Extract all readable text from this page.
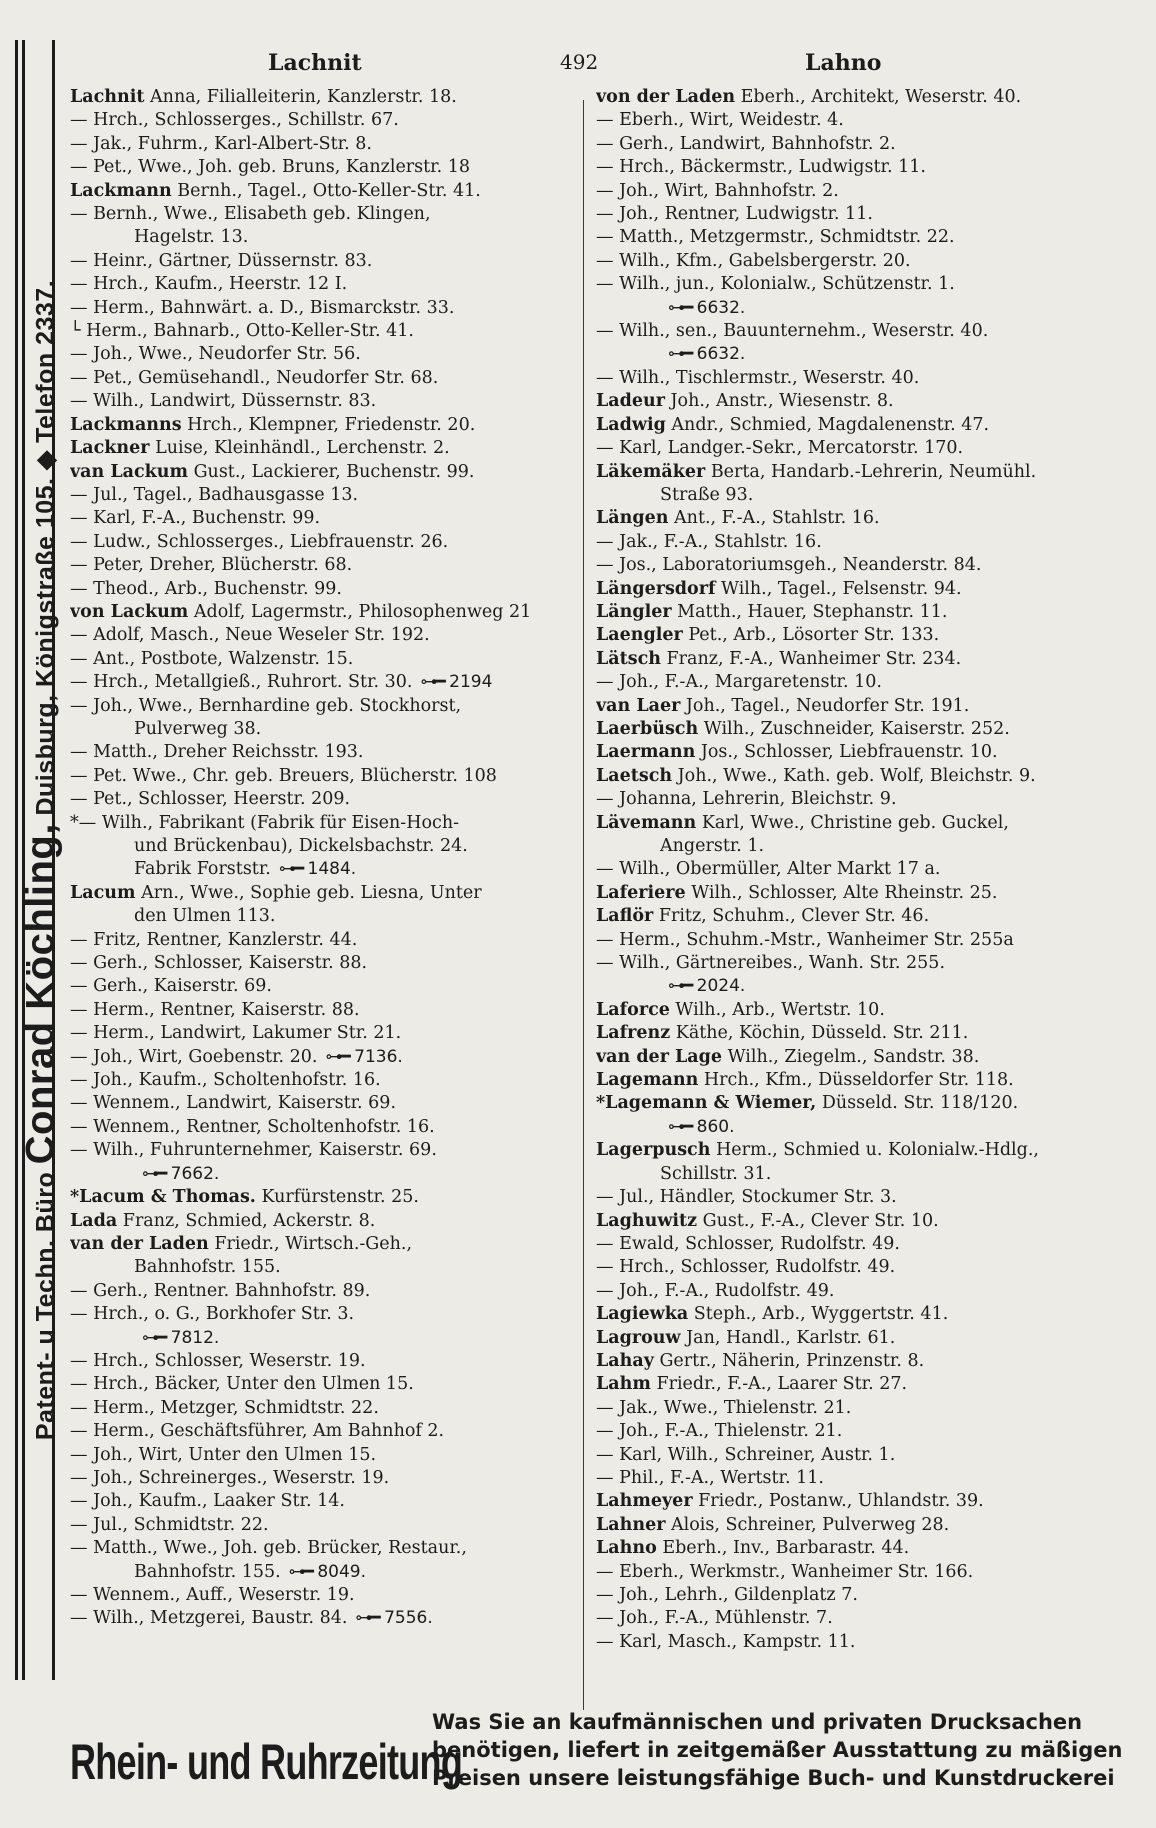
Patent- u Techn. Büro Conrad Köchling, Duisburg, Königstraße 105. ◆ Telefon 2337.
Lachnit	492	Lahno
Lachnit Anna, Filialleiterin, Kanzlerstr. 18.
— Hrch., Schlosserges., Schillstr. 67.
— Jak., Fuhrm., Karl-Albert-Str. 8.
— Pet., Wwe., Joh. geb. Bruns, Kanzlerstr. 18
Lackmann Bernh., Tagel., Otto-Keller-Str. 41.
— Bernh., Wwe., Elisabeth geb. Klingen,
Hagelstr. 13.
— Heinr., Gärtner, Düssernstr. 83.
— Hrch., Kaufm., Heerstr. 12 I.
— Herm., Bahnwärt. a. D., Bismarckstr. 33.
└ Herm., Bahnarb., Otto-Keller-Str. 41.
— Joh., Wwe., Neudorfer Str. 56.
— Pet., Gemüsehandl., Neudorfer Str. 68.
— Wilh., Landwirt, Düssernstr. 83.
Lackmanns Hrch., Klempner, Friedenstr. 20.
Lackner Luise, Kleinhändl., Lerchenstr. 2.
van Lackum Gust., Lackierer, Buchenstr. 99.
— Jul., Tagel., Badhausgasse 13.
— Karl, F.-A., Buchenstr. 99.
— Ludw., Schlosserges., Liebfrauenstr. 26.
— Peter, Dreher, Blücherstr. 68.
— Theod., Arb., Buchenstr. 99.
von Lackum Adolf, Lagermstr., Philosophenweg 21
— Adolf, Masch., Neue Weseler Str. 192.
— Ant., Postbote, Walzenstr. 15.
— Hrch., Metallgieß., Ruhrort. Str. 30. ⊶━ 2194
— Joh., Wwe., Bernhardine geb. Stockhorst,
Pulverweg 38.
— Matth., Dreher Reichsstr. 193.
— Pet. Wwe., Chr. geb. Breuers, Blücherstr. 108
— Pet., Schlosser, Heerstr. 209.
*— Wilh., Fabrikant (Fabrik für Eisen-Hoch-
und Brückenbau), Dickelsbachstr. 24.
Fabrik Forststr. ⊶━ 1484.
Lacum Arn., Wwe., Sophie geb. Liesna, Unter
den Ulmen 113.
— Fritz, Rentner, Kanzlerstr. 44.
— Gerh., Schlosser, Kaiserstr. 88.
— Gerh., Kaiserstr. 69.
— Herm., Rentner, Kaiserstr. 88.
— Herm., Landwirt, Lakumer Str. 21.
— Joh., Wirt, Goebenstr. 20. ⊶━ 7136.
— Joh., Kaufm., Scholtenhofstr. 16.
— Wennem., Landwirt, Kaiserstr. 69.
— Wennem., Rentner, Scholtenhofstr. 16.
— Wilh., Fuhrunternehmer, Kaiserstr. 69.
⊶━ 7662.
*Lacum & Thomas. Kurfürstenstr. 25.
Lada Franz, Schmied, Ackerstr. 8.
van der Laden Friedr., Wirtsch.-Geh.,
Bahnhofstr. 155.
— Gerh., Rentner. Bahnhofstr. 89.
— Hrch., o. G., Borkhofer Str. 3.
⊶━ 7812.
— Hrch., Schlosser, Weserstr. 19.
— Hrch., Bäcker, Unter den Ulmen 15.
— Herm., Metzger, Schmidtstr. 22.
— Herm., Geschäftsführer, Am Bahnhof 2.
— Joh., Wirt, Unter den Ulmen 15.
— Joh., Schreinerges., Weserstr. 19.
— Joh., Kaufm., Laaker Str. 14.
— Jul., Schmidtstr. 22.
— Matth., Wwe., Joh. geb. Brücker, Restaur.,
Bahnhofstr. 155. ⊶━ 8049.
— Wennem., Auff., Weserstr. 19.
— Wilh., Metzgerei, Baustr. 84. ⊶━ 7556.
von der Laden Eberh., Architekt, Weserstr. 40.
— Eberh., Wirt, Weidestr. 4.
— Gerh., Landwirt, Bahnhofstr. 2.
— Hrch., Bäckermstr., Ludwigstr. 11.
— Joh., Wirt, Bahnhofstr. 2.
— Joh., Rentner, Ludwigstr. 11.
— Matth., Metzgermstr., Schmidtstr. 22.
— Wilh., Kfm., Gabelsbergerstr. 20.
— Wilh., jun., Kolonialw., Schützenstr. 1.
⊶━ 6632.
— Wilh., sen., Bauunternehm., Weserstr. 40.
⊶━ 6632.
— Wilh., Tischlermstr., Weserstr. 40.
Ladeur Joh., Anstr., Wiesenstr. 8.
Ladwig Andr., Schmied, Magdalenenstr. 47.
— Karl, Landger.-Sekr., Mercatorstr. 170.
Läkemäker Berta, Handarb.-Lehrerin, Neumühl.
Straße 93.
Längen Ant., F.-A., Stahlstr. 16.
— Jak., F.-A., Stahlstr. 16.
— Jos., Laboratoriumsgeh., Neanderstr. 84.
Längersdorf Wilh., Tagel., Felsenstr. 94.
Längler Matth., Hauer, Stephanstr. 11.
Laengler Pet., Arb., Lösorter Str. 133.
Lätsch Franz, F.-A., Wanheimer Str. 234.
— Joh., F.-A., Margaretenstr. 10.
van Laer Joh., Tagel., Neudorfer Str. 191.
Laerbüsch Wilh., Zuschneider, Kaiserstr. 252.
Laermann Jos., Schlosser, Liebfrauenstr. 10.
Laetsch Joh., Wwe., Kath. geb. Wolf, Bleichstr. 9.
— Johanna, Lehrerin, Bleichstr. 9.
Lävemann Karl, Wwe., Christine geb. Guckel,
Angerstr. 1.
— Wilh., Obermüller, Alter Markt 17 a.
Laferiere Wilh., Schlosser, Alte Rheinstr. 25.
Laflör Fritz, Schuhm., Clever Str. 46.
— Herm., Schuhm.-Mstr., Wanheimer Str. 255a
— Wilh., Gärtnereibes., Wanh. Str. 255.
⊶━ 2024.
Laforce Wilh., Arb., Wertstr. 10.
Lafrenz Käthe, Köchin, Düsseld. Str. 211.
van der Lage Wilh., Ziegelm., Sandstr. 38.
Lagemann Hrch., Kfm., Düsseldorfer Str. 118.
*Lagemann & Wiemer, Düsseld. Str. 118/120.
⊶━ 860.
Lagerpusch Herm., Schmied u. Kolonialw.-Hdlg.,
Schillstr. 31.
— Jul., Händler, Stockumer Str. 3.
Laghuwitz Gust., F.-A., Clever Str. 10.
— Ewald, Schlosser, Rudolfstr. 49.
— Hrch., Schlosser, Rudolfstr. 49.
— Joh., F.-A., Rudolfstr. 49.
Lagiewka Steph., Arb., Wyggertstr. 41.
Lagrouw Jan, Handl., Karlstr. 61.
Lahay Gertr., Näherin, Prinzenstr. 8.
Lahm Friedr., F.-A., Laarer Str. 27.
— Jak., Wwe., Thielenstr. 21.
— Joh., F.-A., Thielenstr. 21.
— Karl, Wilh., Schreiner, Austr. 1.
— Phil., F.-A., Wertstr. 11.
Lahmeyer Friedr., Postanw., Uhlandstr. 39.
Lahner Alois, Schreiner, Pulverweg 28.
Lahno Eberh., Inv., Barbarastr. 44.
— Eberh., Werkmstr., Wanheimer Str. 166.
— Joh., Lehrh., Gildenplatz 7.
— Joh., F.-A., Mühlenstr. 7.
— Karl, Masch., Kampstr. 11.
Rhein- und Ruhrzeitung
Was Sie an kaufmännischen und privaten Drucksachen
benötigen, liefert in zeitgemäßer Ausstattung zu mäßigen
Preisen unsere leistungsfähige Buch- und Kunstdruckerei
